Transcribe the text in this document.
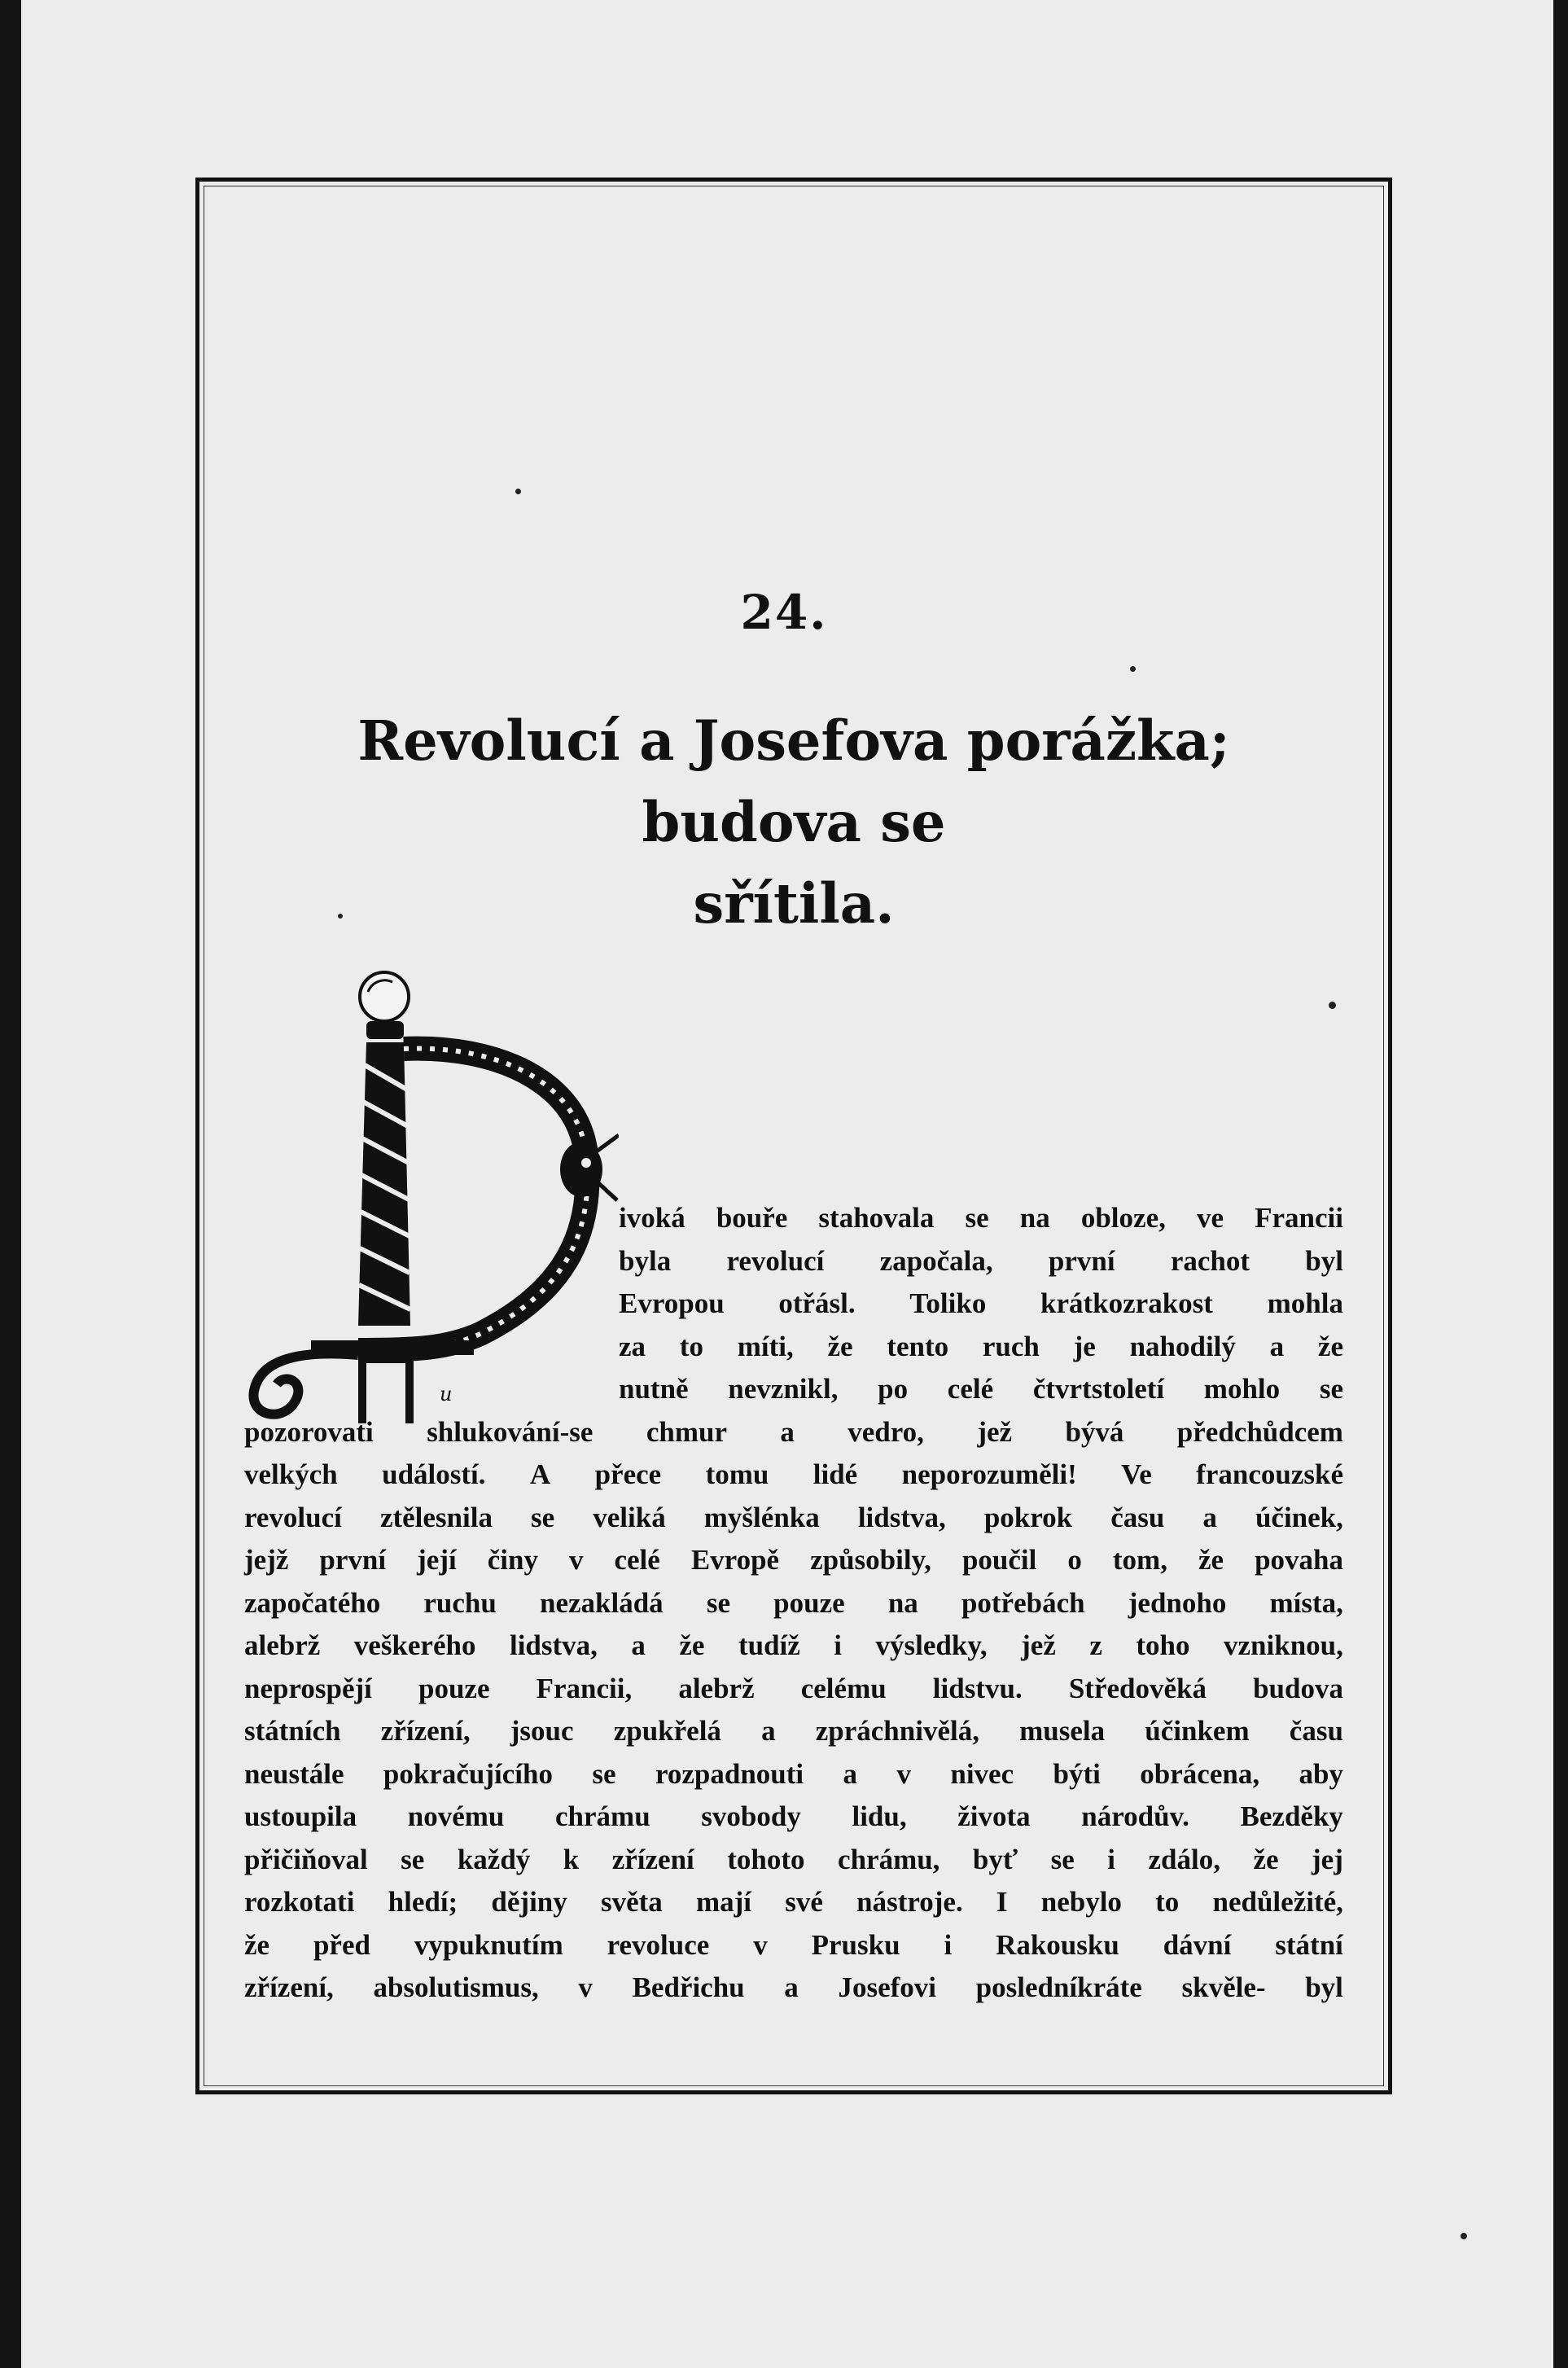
24.
Revolucí a Josefova porážka; budova se
sřítila.
u
ivoká bouře stahovala se na obloze, ve Francii
byla revolucí započala, první rachot byl
Evropou otřásl. Toliko krátkozrakost mohla
za to míti, že tento ruch je nahodilý a že
nutně nevznikl, po celé čtvrtstoletí mohlo se
pozorovati shlukování-se chmur a vedro, jež bývá předchůdcem
velkých událostí. A přece tomu lidé neporozuměli! Ve francouzské
revolucí ztělesnila se veliká myšlénka lidstva, pokrok času a účinek,
jejž první její činy v celé Evropě způsobily, poučil o tom, že povaha
započatého ruchu nezakládá se pouze na potřebách jednoho místa,
alebrž veškerého lidstva, a že tudíž i výsledky, jež z toho vzniknou,
neprospějí pouze Francii, alebrž celému lidstvu. Středověká budova
státních zřízení, jsouc zpukřelá a zpráchnivělá, musela účinkem času
neustále pokračujícího se rozpadnouti a v nivec býti obrácena, aby
ustoupila novému chrámu svobody lidu, života národův. Bezděky
přičiňoval se každý k zřízení tohoto chrámu, byť se i zdálo, že jej
rozkotati hledí; dějiny světa mají své nástroje. I nebylo to nedůležité,
že před vypuknutím revoluce v Prusku i Rakousku dávní státní
zřízení, absolutismus, v Bedřichu a Josefovi posledníkráte skvěle- byl
